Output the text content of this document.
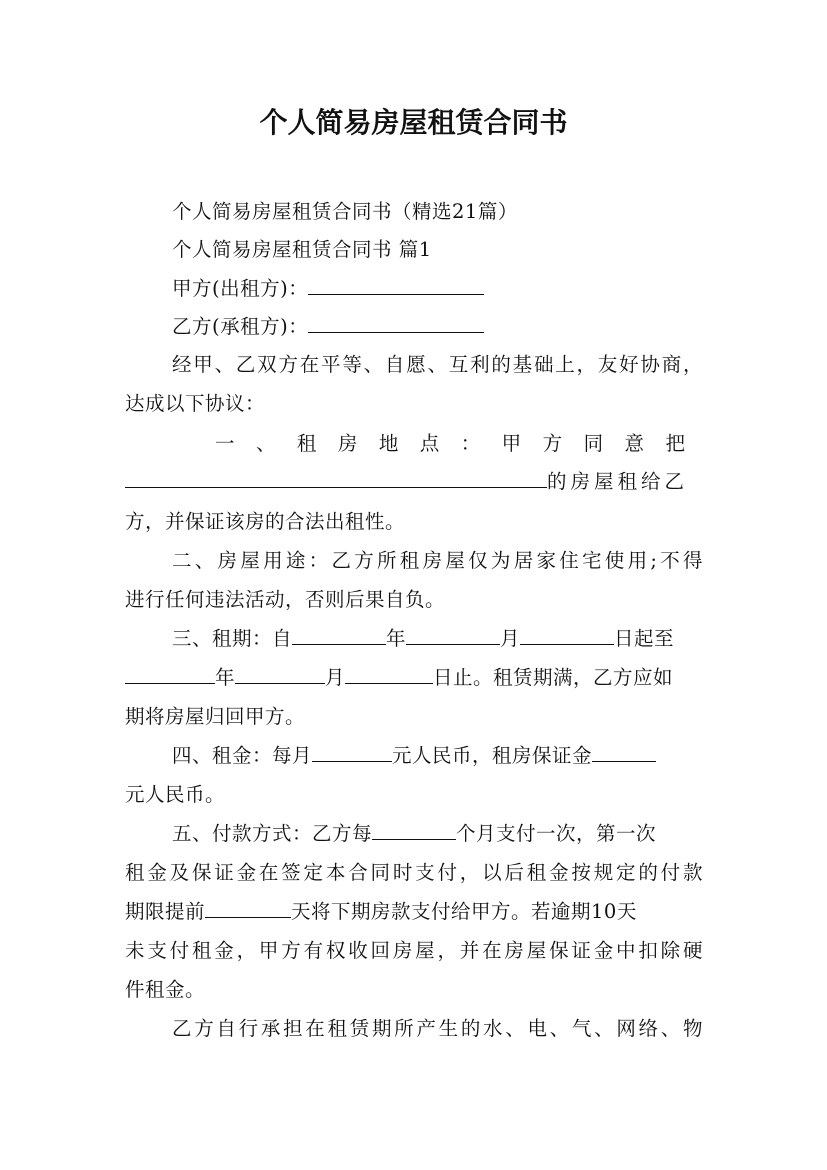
个人简易房屋租赁合同书
个人简易房屋租赁合同书（精选21篇）
个人简易房屋租赁合同书 篇1
甲方(出租方)：
乙方(承租方)：
经甲、乙双方在平等、自愿、互利的基础上，友好协商，
达成以下协议：
一、租房地点：甲方同意把
的房屋租给乙
方，并保证该房的合法出租性。
二、房屋用途：乙方所租房屋仅为居家住宅使用;不得
进行任何违法活动，否则后果自负。
三、租期：自	年	月	日起至
年	月	日止。租赁期满，乙方应如
期将房屋归回甲方。
四、租金：每月	元人民币，租房保证金
元人民币。
五、付款方式：乙方每	个月支付一次，第一次
租金及保证金在签定本合同时支付，以后租金按规定的付款
期限提前	天将下期房款支付给甲方。若逾期10天
未支付租金，甲方有权收回房屋，并在房屋保证金中扣除硬
件租金。
乙方自行承担在租赁期所产生的水、电、气、网络、物
